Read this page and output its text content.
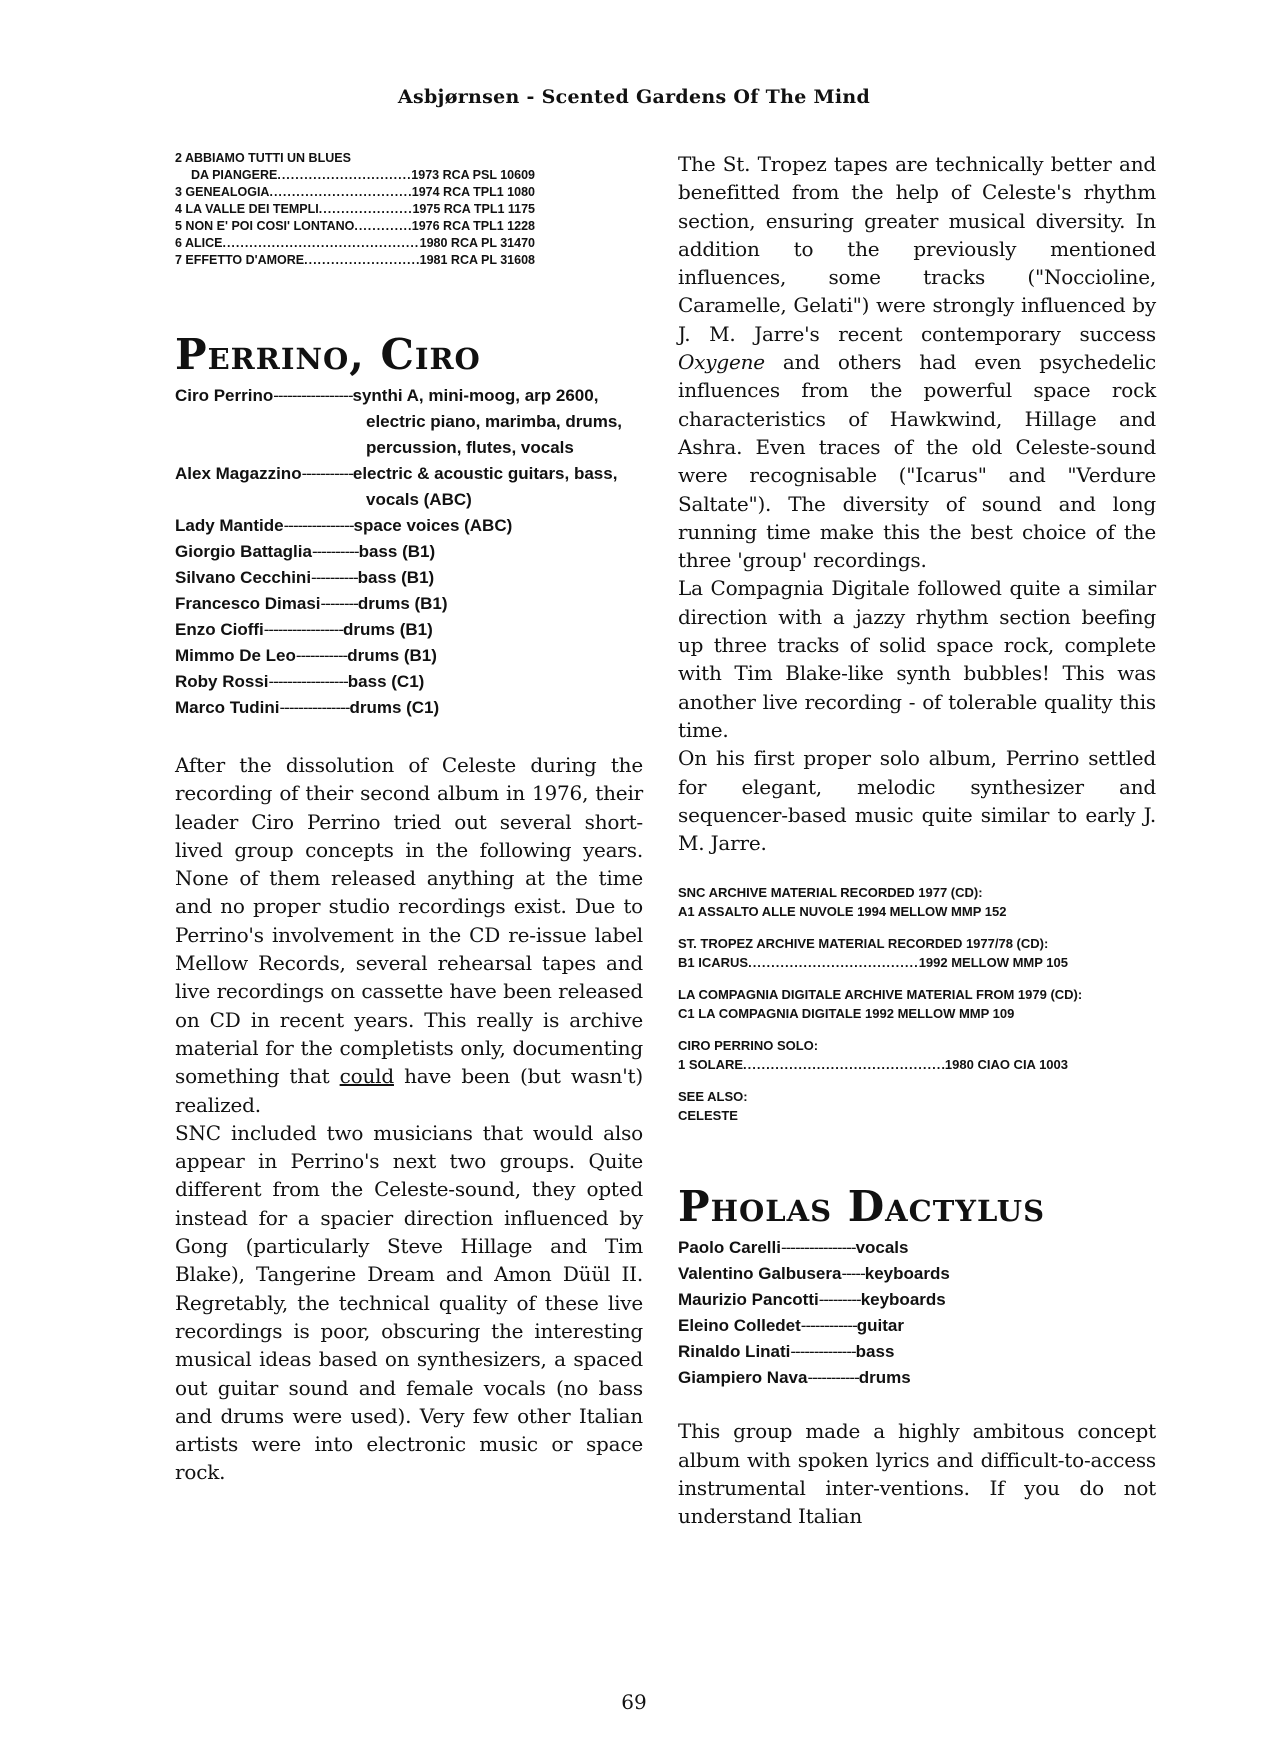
Asbjørnsen - Scented Gardens Of The Mind
2 ABBIAMO TUTTI UN BLUES
DA PIANGERE .....	1973 RCA PSL 10609
3 GENEALOGIA .....	1974 RCA TPL1 1080
4 LA VALLE DEI TEMPLI .....	1975 RCA TPL1 1175
5 NON E' POI COSI' LONTANO .....	1976 RCA TPL1 1228
6 ALICE .....	1980 RCA PL 31470
7 EFFETTO D'AMORE .....	1981 RCA PL 31608
Perrino, Ciro
Ciro Perrino ----------------- synthi A, mini-moog, arp 2600,
electric piano, marimba, drums,
percussion, flutes, vocals
Alex Magazzino ----------- electric & acoustic guitars, bass,
vocals (ABC)
Lady Mantide --------------- space voices (ABC)
Giorgio Battaglia ---------- bass (B1)
Silvano Cecchini ---------- bass (B1)
Francesco Dimasi -------- drums (B1)
Enzo Cioffi ----------------- drums (B1)
Mimmo De Leo ----------- drums (B1)
Roby Rossi ----------------- bass (C1)
Marco Tudini --------------- drums (C1)

After the dissolution of Celeste during the recording of their second album in 1976, their leader Ciro Perrino tried out several short-lived group concepts in the following years. None of them released anything at the time and no proper studio recordings exist. Due to Perrino's involvement in the CD re-issue label Mellow Records, several rehearsal tapes and live recordings on cassette have been released on CD in recent years. This really is archive material for the completists only, documenting something that could have been (but wasn't) realized.

SNC included two musicians that would also appear in Perrino's next two groups. Quite different from the Celeste-sound, they opted instead for a spacier direction influenced by Gong (particularly Steve Hillage and Tim Blake), Tangerine Dream and Amon Düül II. Regretably, the technical quality of these live recordings is poor, obscuring the interesting musical ideas based on synthesizers, a spaced out guitar sound and female vocals (no bass and drums were used). Very few other Italian artists were into electronic music or space rock.

The St. Tropez tapes are technically better and benefitted from the help of Celeste's rhythm section, ensuring greater musical diversity. In addition to the previously mentioned influences, some tracks ("Noccioline, Caramelle, Gelati") were strongly influenced by J. M. Jarre's recent contemporary success Oxygene and others had even psychedelic influences from the powerful space rock characteristics of Hawkwind, Hillage and Ashra. Even traces of the old Celeste-sound were recognisable ("Icarus" and "Verdure Saltate"). The diversity of sound and long running time make this the best choice of the three 'group' recordings.

La Compagnia Digitale followed quite a similar direction with a jazzy rhythm section beefing up three tracks of solid space rock, complete with Tim Blake-like synth bubbles! This was another live recording - of tolerable quality this time.

On his first proper solo album, Perrino settled for elegant, melodic synthesizer and sequencer-based music quite similar to early J. M. Jarre.

SNC ARCHIVE MATERIAL RECORDED 1977 (CD):
A1 ASSALTO ALLE NUVOLE 1994 MELLOW MMP 152
ST. TROPEZ ARCHIVE MATERIAL RECORDED 1977/78 (CD):
B1 ICARUS .....	1992 MELLOW MMP 105
LA COMPAGNIA DIGITALE ARCHIVE MATERIAL FROM 1979 (CD):
C1 LA COMPAGNIA DIGITALE 1992 MELLOW MMP 109
CIRO PERRINO SOLO:
1 SOLARE .....	1980 CIAO CIA 1003
SEE ALSO:
CELESTE
Pholas Dactylus
Paolo Carelli ---------------- vocals
Valentino Galbusera ----- keyboards
Maurizio Pancotti --------- keyboards
Eleino Colledet ------------ guitar
Rinaldo Linati -------------- bass
Giampiero Nava ----------- drums

This group made a highly ambitous concept album with spoken lyrics and difficult-to-access instrumental inter-ventions. If you do not understand Italian

69
